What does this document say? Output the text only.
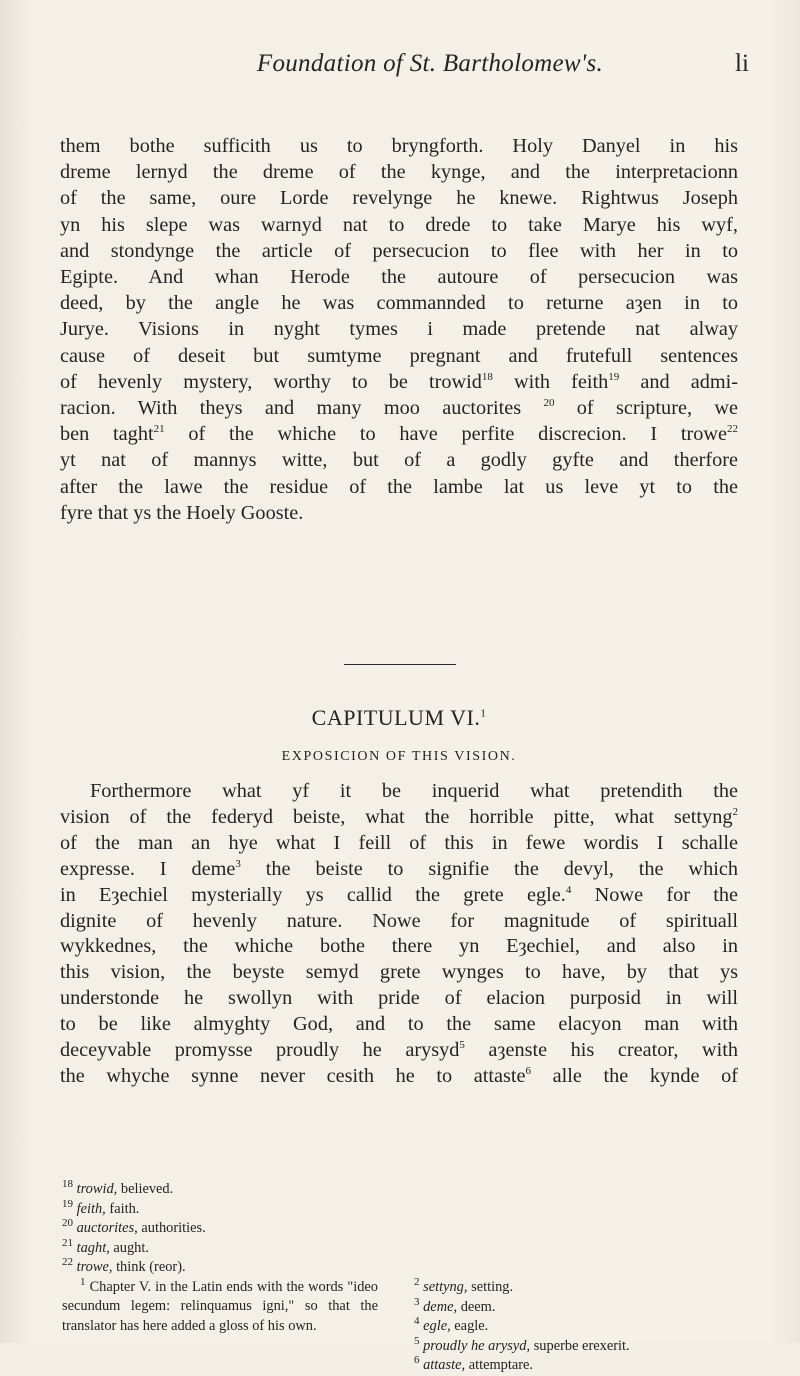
Foundation of St. Bartholomew's.	li
them bothe sufficith us to bryngforth. Holy Danyel in his
dreme lernyd the dreme of the kynge, and the interpretacionn
of the same, oure Lorde revelynge he knewe. Rightwus Joseph
yn his slepe was warnyd nat to drede to take Marye his wyf,
and stondynge the article of persecucion to flee with her in to
Egipte. And whan Herode the autoure of persecucion was
deed, by the angle he was commannded to returne aȝen in to
Jurye. Visions in nyght tymes i made pretende nat alway
cause of deseit but sumtyme pregnant and frutefull sentences
of hevenly mystery, worthy to be trowid$^{18}$ with feith$^{19}$ and admi-
racion. With theys and many moo auctorites $^{20}$ of scripture, we
ben taght$^{21}$ of the whiche to have perfite discrecion. I trowe$^{22}$
yt nat of mannys witte, but of a godly gyfte and therfore
after the lawe the residue of the lambe lat us leve yt to the
fyre that ys the Hoely Gooste.
CAPITULUM VI.$^1$
EXPOSICION OF THIS VISION.
Forthermore what yf it be inquerid what pretendith the
vision of the federyd beiste, what the horrible pitte, what settyng$^2$
of the man an hye what I feill of this in fewe wordis I schalle
expresse. I deme$^3$ the beiste to signifie the devyl, the which
in Eȝechiel mysterially ys callid the grete egle.$^4$ Nowe for the
dignite of hevenly nature. Nowe for magnitude of spirituall
wykkednes, the whiche bothe there yn Eȝechiel, and also in
this vision, the beyste semyd grete wynges to have, by that ys
understonde he swollyn with pride of elacion purposid in will
to be like almyghty God, and to the same elacyon man with
deceyvable promysse proudly he arysyd$^5$ aȝenste his creator, with
the whyche synne never cesith he to attaste$^6$ alle the kynde of
$^{18}$ trowid, believed.
$^{19}$ feith, faith.
$^{20}$ auctorites, authorities.
$^{21}$ taght, aught.
$^{22}$ trowe, think (reor).
$^1$ Chapter V. in the Latin ends with the words "ideo secundum legem: relinquamus igni," so that the translator has here added a gloss of his own.
$^2$ settyng, setting.
$^3$ deme, deem.
$^4$ egle, eagle.
$^5$ proudly he arysyd, superbe erexerit.
$^6$ attaste, attemptare.
